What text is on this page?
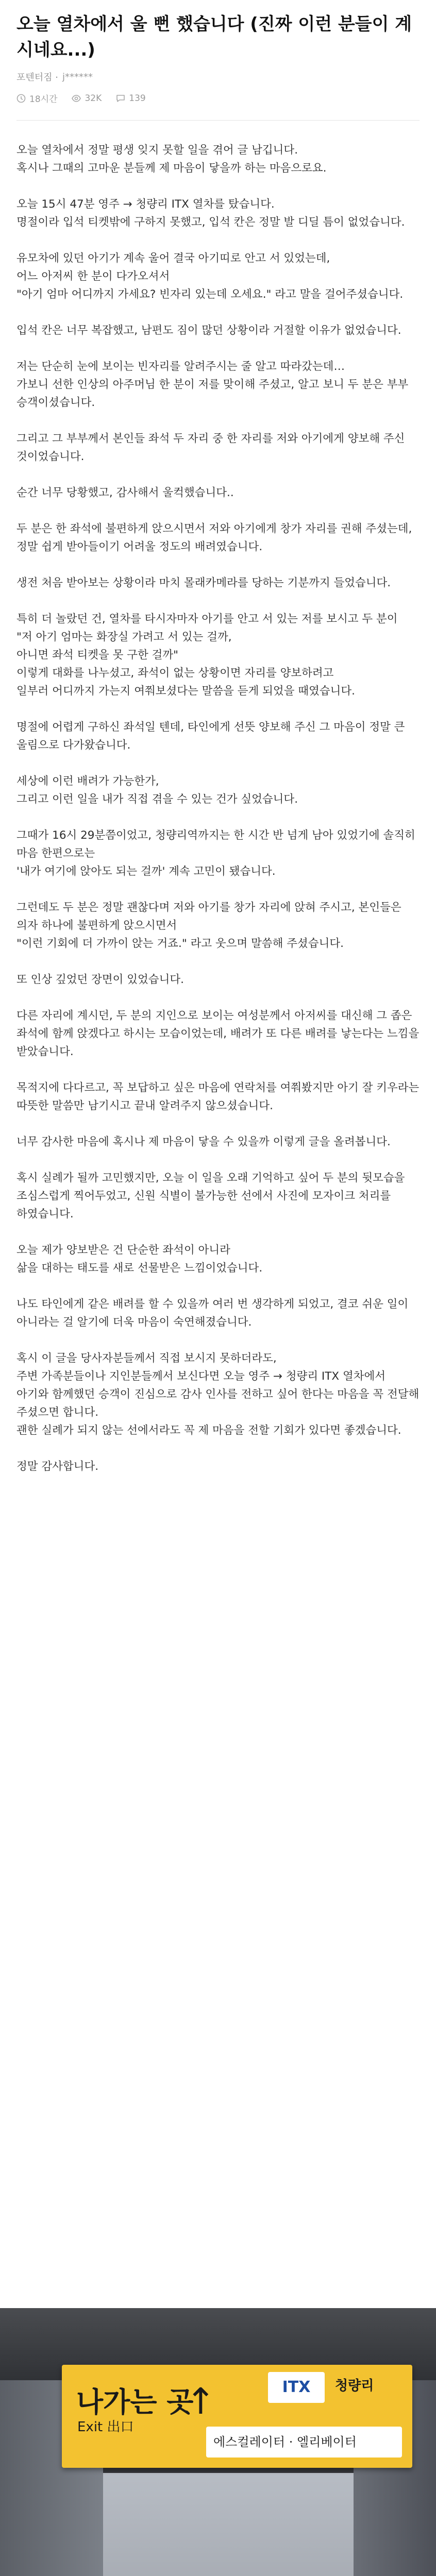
오늘 열차에서 울 뻔 했습니다 (진짜 이런 분들이 계시네요...)
포텐터짐 · j******
18시간	32K	139
오늘 열차에서 정말 평생 잊지 못할 일을 겪어 글 남깁니다.
혹시나 그때의 고마운 분들께 제 마음이 닿을까 하는 마음으로요.
오늘 15시 47분 영주 → 청량리 ITX 열차를 탔습니다.
명절이라 입석 티켓밖에 구하지 못했고, 입석 칸은 정말 발 디딜 틈이 없었습니다.
유모차에 있던 아기가 계속 울어 결국 아기띠로 안고 서 있었는데,
어느 아저씨 한 분이 다가오셔서
"아기 엄마 어디까지 가세요? 빈자리 있는데 오세요." 라고 말을 걸어주셨습니다.
입석 칸은 너무 복잡했고, 남편도 짐이 많던 상황이라 거절할 이유가 없었습니다.
저는 단순히 눈에 보이는 빈자리를 알려주시는 줄 알고 따라갔는데…
가보니 선한 인상의 아주머님 한 분이 저를 맞이해 주셨고, 알고 보니 두 분은 부부 승객이셨습니다.
그리고 그 부부께서 본인들 좌석 두 자리 중 한 자리를 저와 아기에게 양보해 주신 것이었습니다.
순간 너무 당황했고, 감사해서 울컥했습니다..
두 분은 한 좌석에 불편하게 앉으시면서 저와 아기에게 창가 자리를 권해 주셨는데, 정말 쉽게 받아들이기 어려울 정도의 배려였습니다.
생전 처음 받아보는 상황이라 마치 몰래카메라를 당하는 기분까지 들었습니다.
특히 더 놀랐던 건, 열차를 타시자마자 아기를 안고 서 있는 저를 보시고 두 분이
"저 아기 엄마는 화장실 가려고 서 있는 걸까,
아니면 좌석 티켓을 못 구한 걸까"
이렇게 대화를 나누셨고, 좌석이 없는 상황이면 자리를 양보하려고
일부러 어디까지 가는지 여쭤보셨다는 말씀을 듣게 되었을 때였습니다.
명절에 어렵게 구하신 좌석일 텐데, 타인에게 선뜻 양보해 주신 그 마음이 정말 큰 울림으로 다가왔습니다.
세상에 이런 배려가 가능한가,
그리고 이런 일을 내가 직접 겪을 수 있는 건가 싶었습니다.
그때가 16시 29분쯤이었고, 청량리역까지는 한 시간 반 넘게 남아 있었기에 솔직히 마음 한편으로는
'내가 여기에 앉아도 되는 걸까' 계속 고민이 됐습니다.
그런데도 두 분은 정말 괜찮다며 저와 아기를 창가 자리에 앉혀 주시고, 본인들은 의자 하나에 불편하게 앉으시면서
"이런 기회에 더 가까이 앉는 거죠." 라고 웃으며 말씀해 주셨습니다.
또 인상 깊었던 장면이 있었습니다.
다른 자리에 계시던, 두 분의 지인으로 보이는 여성분께서 아저씨를 대신해 그 좁은 좌석에 함께 앉겠다고 하시는 모습이었는데, 배려가 또 다른 배려를 낳는다는 느낌을 받았습니다.
목적지에 다다르고, 꼭 보답하고 싶은 마음에 연락처를 여쭤봤지만 아기 잘 키우라는 따뜻한 말씀만 남기시고 끝내 알려주지 않으셨습니다.
너무 감사한 마음에 혹시나 제 마음이 닿을 수 있을까 이렇게 글을 올려봅니다.
혹시 실례가 될까 고민했지만, 오늘 이 일을 오래 기억하고 싶어 두 분의 뒷모습을 조심스럽게 찍어두었고, 신원 식별이 불가능한 선에서 사진에 모자이크 처리를 하였습니다.
오늘 제가 양보받은 건 단순한 좌석이 아니라
삶을 대하는 태도를 새로 선물받은 느낌이었습니다.
나도 타인에게 같은 배려를 할 수 있을까 여러 번 생각하게 되었고, 결코 쉬운 일이 아니라는 걸 알기에 더욱 마음이 숙연해졌습니다.
혹시 이 글을 당사자분들께서 직접 보시지 못하더라도,
주변 가족분들이나 지인분들께서 보신다면 오늘 영주 → 청량리 ITX 열차에서 아기와 함께했던 승객이 진심으로 감사 인사를 전하고 싶어 한다는 마음을 꼭 전달해 주셨으면 합니다.
괜한 실례가 되지 않는 선에서라도 꼭 제 마음을 전할 기회가 있다면 좋겠습니다.
정말 감사합니다.
나가는 곳
Exit 出口
↑	ITX	청량리
에스컬레이터 · 엘리베이터
